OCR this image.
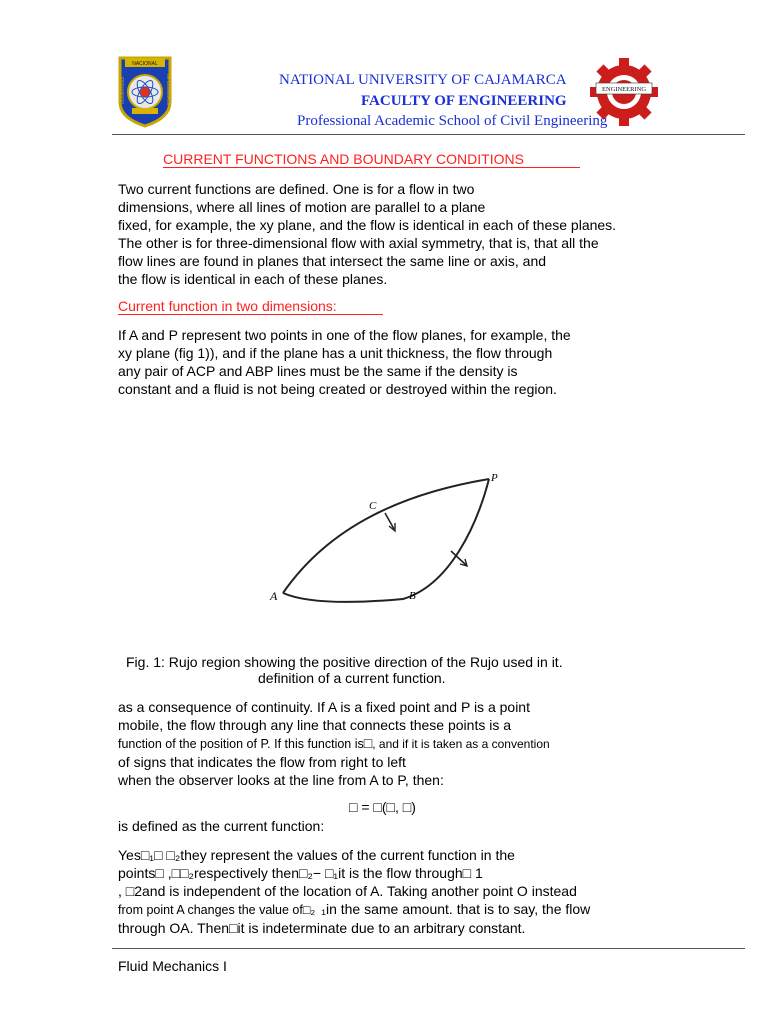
NACIONAL
UNIVERSIDAD	DE CAJAMARCA	ENGINEERING
NATIONAL UNIVERSITY OF CAJAMARCA
FACULTY OF ENGINEERING
Professional Academic School of Civil Engineering
CURRENT FUNCTIONS AND BOUNDARY CONDITIONS
Two current functions are defined. One is for a flow in two
dimensions, where all lines of motion are parallel to a plane
fixed, for example, the xy plane, and the flow is identical in each of these planes.
The other is for three-dimensional flow with axial symmetry, that is, that all the
flow lines are found in planes that intersect the same line or axis, and
the flow is identical in each of these planes.
Current function in two dimensions:
If A and P represent two points in one of the flow planes, for example, the
xy plane (fig 1)), and if the plane has a unit thickness, the flow through
any pair of ACP and ABP lines must be the same if the density is
constant and a fluid is not being created or destroyed within the region.
A	B
C
P
Fig. 1: Rujo region showing the positive direction of the Rujo used in it.
definition of a current function.
as a consequence of continuity. If A is a fixed point and P is a point
mobile, the flow through any line that connects these points is a
function of the position of P. If this function is□, and if it is taken as a convention
of signs that indicates the flow from right to left
when the observer looks at the line from A to P, then:
□ = □(□, □)
is defined as the current function:
Yes□₁□ □₂they represent the values of the current function in the
points□ ,□□₂respectively then□₂− □₁it is the flow through□ 1
, □2and is independent of the location of A. Taking another point O instead
from point A changes the value of□₂ ₁in the same amount. that is to say, the flow
through OA. Then□it is indeterminate due to an arbitrary constant.
Fluid Mechanics I
